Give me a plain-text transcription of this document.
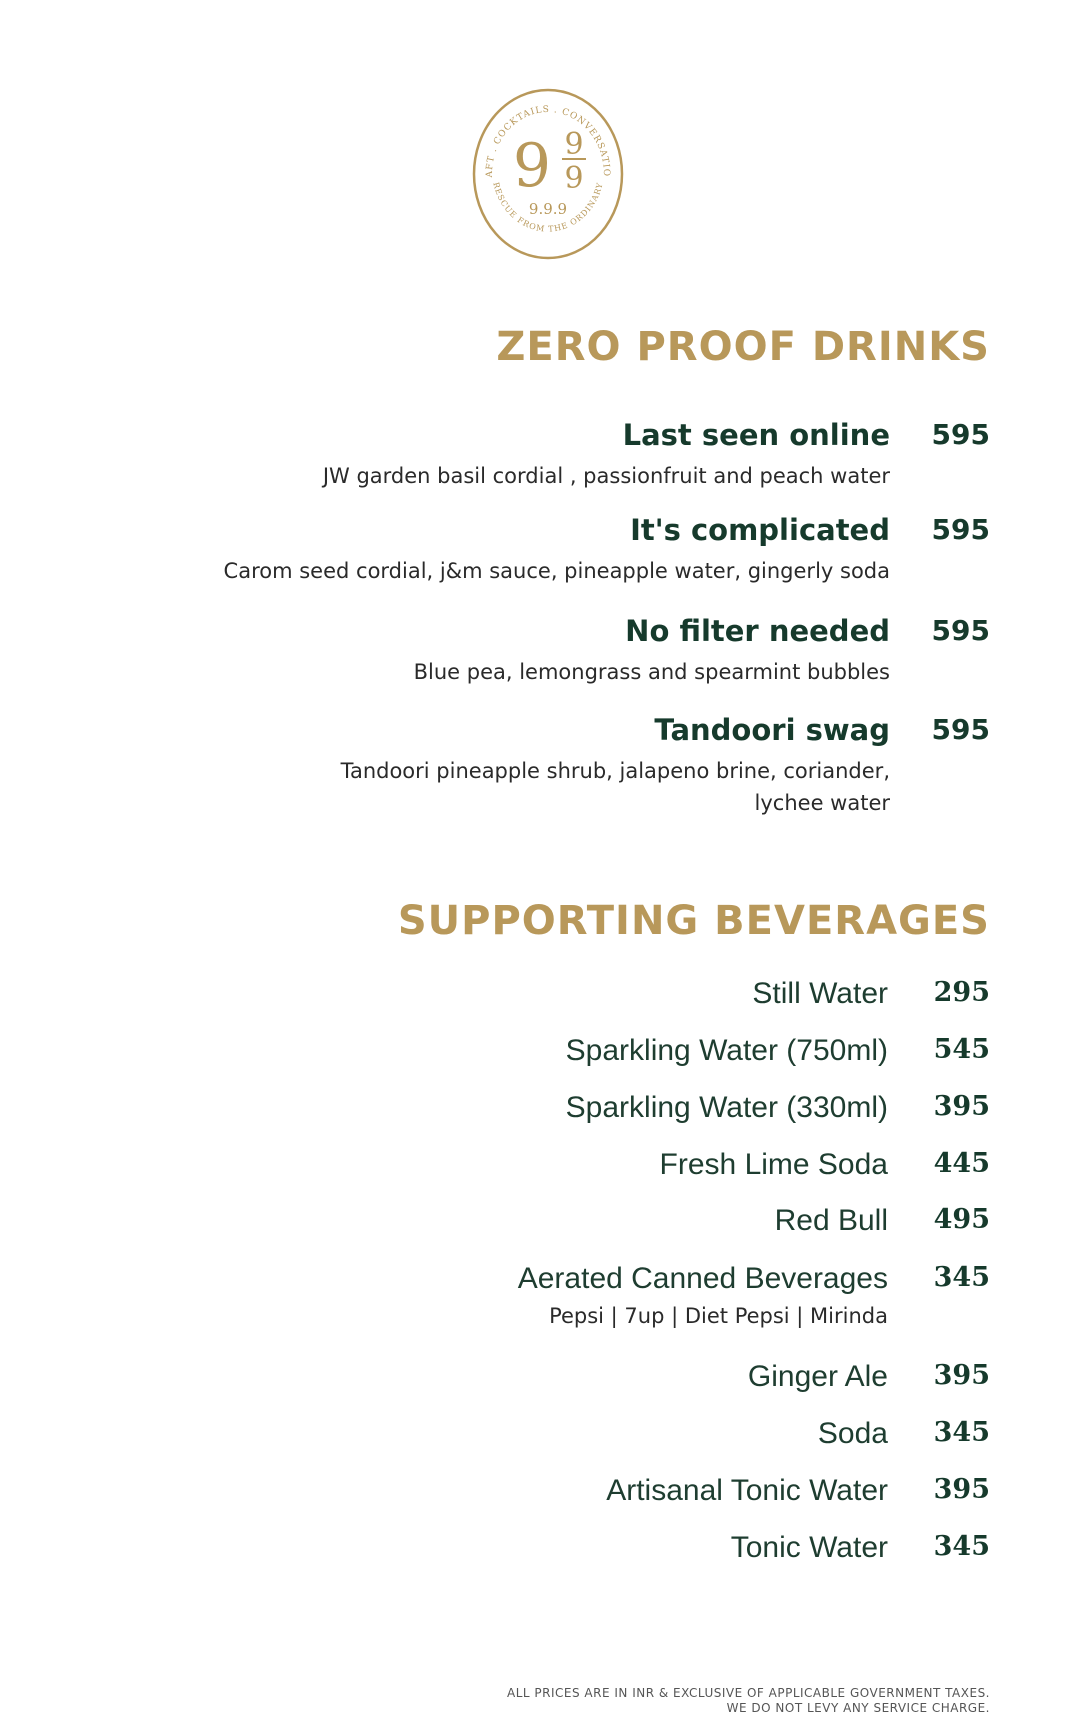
AFT . COCKTAILS . CONVERSATIO
RESCUE FROM THE ORDINARY
9 9
9
9.9.9
ZERO PROOF DRINKS
Last seen online 595
JW garden basil cordial , passionfruit and peach water
It's complicated 595
Carom seed cordial, j&m sauce, pineapple water, gingerly soda
No filter needed 595
Blue pea, lemongrass and spearmint bubbles
Tandoori swag 595
Tandoori pineapple shrub, jalapeno brine, coriander,
lychee water
SUPPORTING BEVERAGES
Still Water 295
Sparkling Water (750ml) 545
Sparkling Water (330ml) 395
Fresh Lime Soda 445
Red Bull 495
Aerated Canned Beverages 345
Pepsi | 7up | Diet Pepsi | Mirinda
Ginger Ale 395
Soda 345
Artisanal Tonic Water 395
Tonic Water 345
ALL PRICES ARE IN INR & EXCLUSIVE OF APPLICABLE GOVERNMENT TAXES.
WE DO NOT LEVY ANY SERVICE CHARGE.
